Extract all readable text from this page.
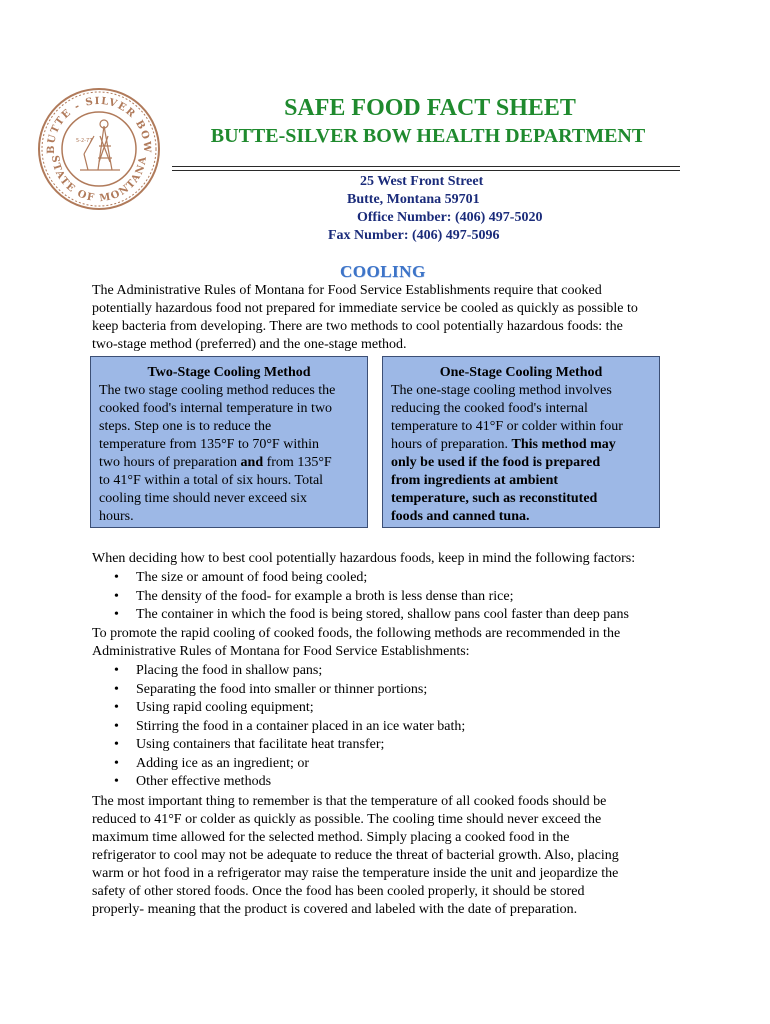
BUTTE - SILVER BOW
STATE OF MONTANA
5-2-77
SAFE FOOD FACT SHEET
BUTTE-SILVER BOW HEALTH DEPARTMENT
25 West Front Street
Butte, Montana 59701
Office Number: (406) 497-5020
Fax Number: (406) 497-5096
COOLING
The Administrative Rules of Montana for Food Service Establishments require that cooked
potentially hazardous food not prepared for immediate service be cooled as quickly as possible to
keep bacteria from developing. There are two methods to cool potentially hazardous foods: the
two-stage method (preferred) and the one-stage method.
Two-Stage Cooling Method

The two stage cooling method reduces the

cooked food's internal temperature in two

steps. Step one is to reduce the

temperature from 135°F to 70°F within

two hours of preparation and from 135°F

to 41°F within a total of six hours. Total

cooling time should never exceed six

hours.

One-Stage Cooling Method

The one-stage cooling method involves

reducing the cooked food's internal

temperature to 41°F or colder within four

hours of preparation. This method may

only be used if the food is prepared

from ingredients at ambient

temperature, such as reconstituted

foods and canned tuna.

When deciding how to best cool potentially hazardous foods, keep in mind the following factors:
• The size or amount of food being cooled;
• The density of the food- for example a broth is less dense than rice;
• The container in which the food is being stored, shallow pans cool faster than deep pans
To promote the rapid cooling of cooked foods, the following methods are recommended in the
Administrative Rules of Montana for Food Service Establishments:
• Placing the food in shallow pans;
• Separating the food into smaller or thinner portions;
• Using rapid cooling equipment;
• Stirring the food in a container placed in an ice water bath;
• Using containers that facilitate heat transfer;
• Adding ice as an ingredient; or
• Other effective methods
The most important thing to remember is that the temperature of all cooked foods should be
reduced to 41°F or colder as quickly as possible. The cooling time should never exceed the
maximum time allowed for the selected method. Simply placing a cooked food in the
refrigerator to cool may not be adequate to reduce the threat of bacterial growth. Also, placing
warm or hot food in a refrigerator may raise the temperature inside the unit and jeopardize the
safety of other stored foods. Once the food has been cooled properly, it should be stored
properly- meaning that the product is covered and labeled with the date of preparation.
